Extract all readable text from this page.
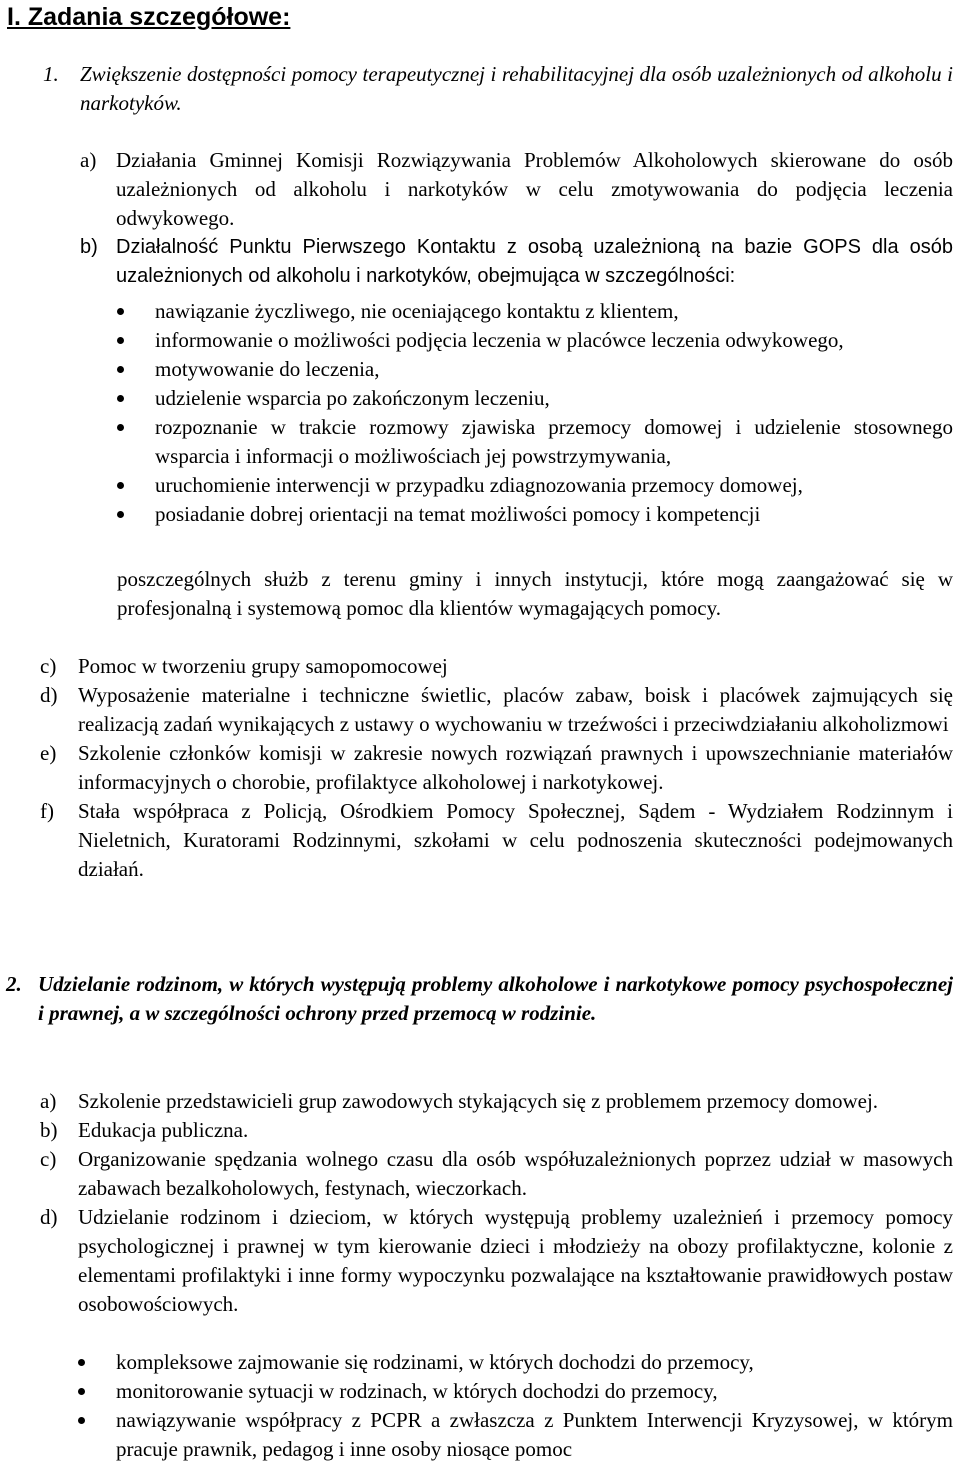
I. Zadania szczegółowe:
1.	Zwiększenie dostępności pomocy terapeutycznej i rehabilitacyjnej dla osób uzależnionych od alkoholu i narkotyków.
a) Działania Gminnej Komisji Rozwiązywania Problemów Alkoholowych skierowane do osób uzależnionych od alkoholu i narkotyków w celu zmotywowania do podjęcia leczenia odwykowego.
b) Działalność Punktu Pierwszego Kontaktu z osobą uzależnioną na bazie GOPS dla osób uzależnionych od alkoholu i narkotyków, obejmująca w szczególności:
nawiązanie życzliwego, nie oceniającego kontaktu z klientem,
informowanie o możliwości podjęcia leczenia w placówce leczenia odwykowego,
motywowanie do leczenia,
udzielenie wsparcia po zakończonym leczeniu,
rozpoznanie w trakcie rozmowy zjawiska przemocy domowej i udzielenie stosownego wsparcia i informacji o możliwościach jej powstrzymywania,
uruchomienie interwencji w przypadku zdiagnozowania przemocy domowej,
posiadanie dobrej orientacji na temat możliwości pomocy i kompetencji
poszczególnych służb z terenu gminy i innych instytucji, które mogą zaangażować się w profesjonalną i systemową pomoc dla klientów wymagających pomocy.
c)	Pomoc w tworzeniu grupy samopomocowej
d) Wyposażenie materialne i techniczne świetlic, placów zabaw, boisk i placówek zajmujących się realizacją zadań wynikających z ustawy o wychowaniu w trzeźwości i przeciwdziałaniu alkoholizmowi
e)	Szkolenie członków komisji w zakresie nowych rozwiązań prawnych i upowszechnianie materiałów informacyjnych o chorobie, profilaktyce alkoholowej i narkotykowej.
f)	Stała współpraca z Policją, Ośrodkiem Pomocy Społecznej, Sądem - Wydziałem Rodzinnym i Nieletnich, Kuratorami Rodzinnymi, szkołami w celu podnoszenia skuteczności podejmowanych działań.
2. Udzielanie rodzinom, w których występują problemy alkoholowe i narkotykowe pomocy psychospołecznej i prawnej, a w szczególności ochrony przed przemocą w rodzinie.
a)	Szkolenie przedstawicieli grup zawodowych stykających się z problemem przemocy domowej.
b) Edukacja publiczna.
c)	Organizowanie spędzania wolnego czasu dla osób współuzależnionych poprzez udział w masowych zabawach bezalkoholowych, festynach, wieczorkach.
d) Udzielanie rodzinom i dzieciom, w których występują problemy uzależnień i przemocy pomocy psychologicznej i prawnej w tym kierowanie dzieci i młodzieży na obozy profilaktyczne, kolonie z elementami profilaktyki i inne formy wypoczynku pozwalające na kształtowanie prawidłowych postaw osobowościowych.
kompleksowe zajmowanie się rodzinami, w których dochodzi do przemocy,
monitorowanie sytuacji w rodzinach, w których dochodzi do przemocy,
nawiązywanie współpracy z PCPR a zwłaszcza z Punktem Interwencji Kryzysowej, w którym pracuje prawnik, pedagog i inne osoby niosące pomoc
